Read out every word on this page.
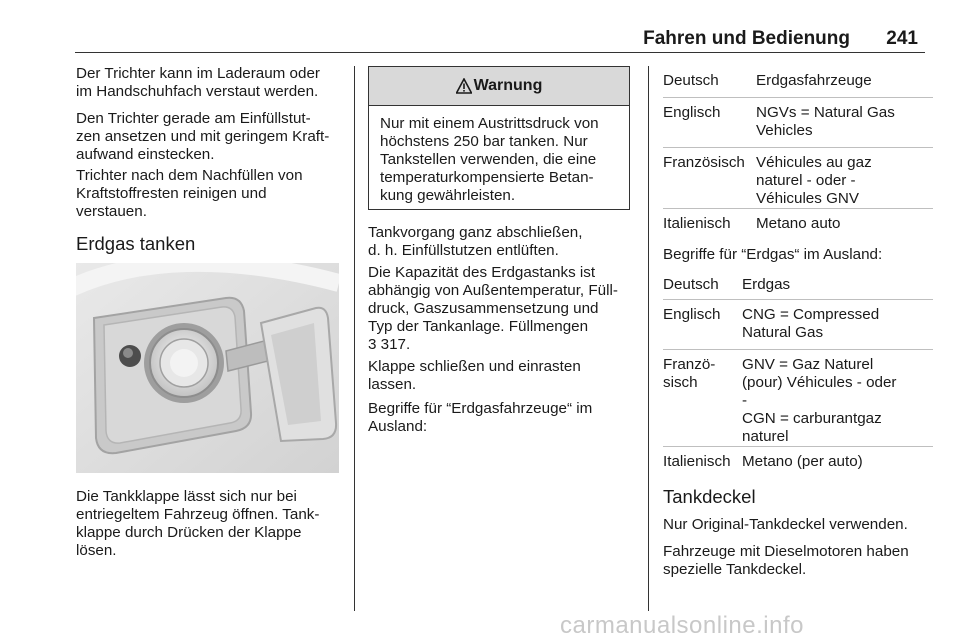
Fahren und Bedienung 241
Der Trichter kann im Laderaum oder
im Handschuhfach verstaut werden.
Den Trichter gerade am Einfüllstut-
zen ansetzen und mit geringem Kraft-
aufwand einstecken.
Trichter nach dem Nachfüllen von
Kraftstoffresten reinigen und
verstauen.
Erdgas tanken
Die Tankklappe lässt sich nur bei
entriegeltem Fahrzeug öffnen. Tank-
klappe durch Drücken der Klappe
lösen.
Warnung
Nur mit einem Austrittsdruck von
höchstens 250 bar tanken. Nur
Tankstellen verwenden, die eine
temperaturkompensierte Betan-
kung gewährleisten.
Tankvorgang ganz abschließen,
d. h. Einfüllstutzen entlüften.
Die Kapazität des Erdgastanks ist
abhängig von Außentemperatur, Füll-
druck, Gaszusammensetzung und
Typ der Tankanlage. Füllmengen
3 317.
Klappe schließen und einrasten
lassen.
Begriffe für “Erdgasfahrzeuge“ im
Ausland:
Deutsch Erdgasfahrzeuge
Englisch NGVs = Natural Gas
Vehicles
Französisch Véhicules au gaz
naturel - oder -
Véhicules GNV
Italienisch Metano auto
Begriffe für “Erdgas“ im Ausland:
Deutsch Erdgas
Englisch CNG = Compressed
Natural Gas
Franzö-
sisch
GNV = Gaz Naturel
(pour) Véhicules - oder
-
CGN = carburantgaz
naturel
Italienisch Metano (per auto)
Tankdeckel
Nur Original-Tankdeckel verwenden.
Fahrzeuge mit Dieselmotoren haben
spezielle Tankdeckel.
carmanualsonline.info
